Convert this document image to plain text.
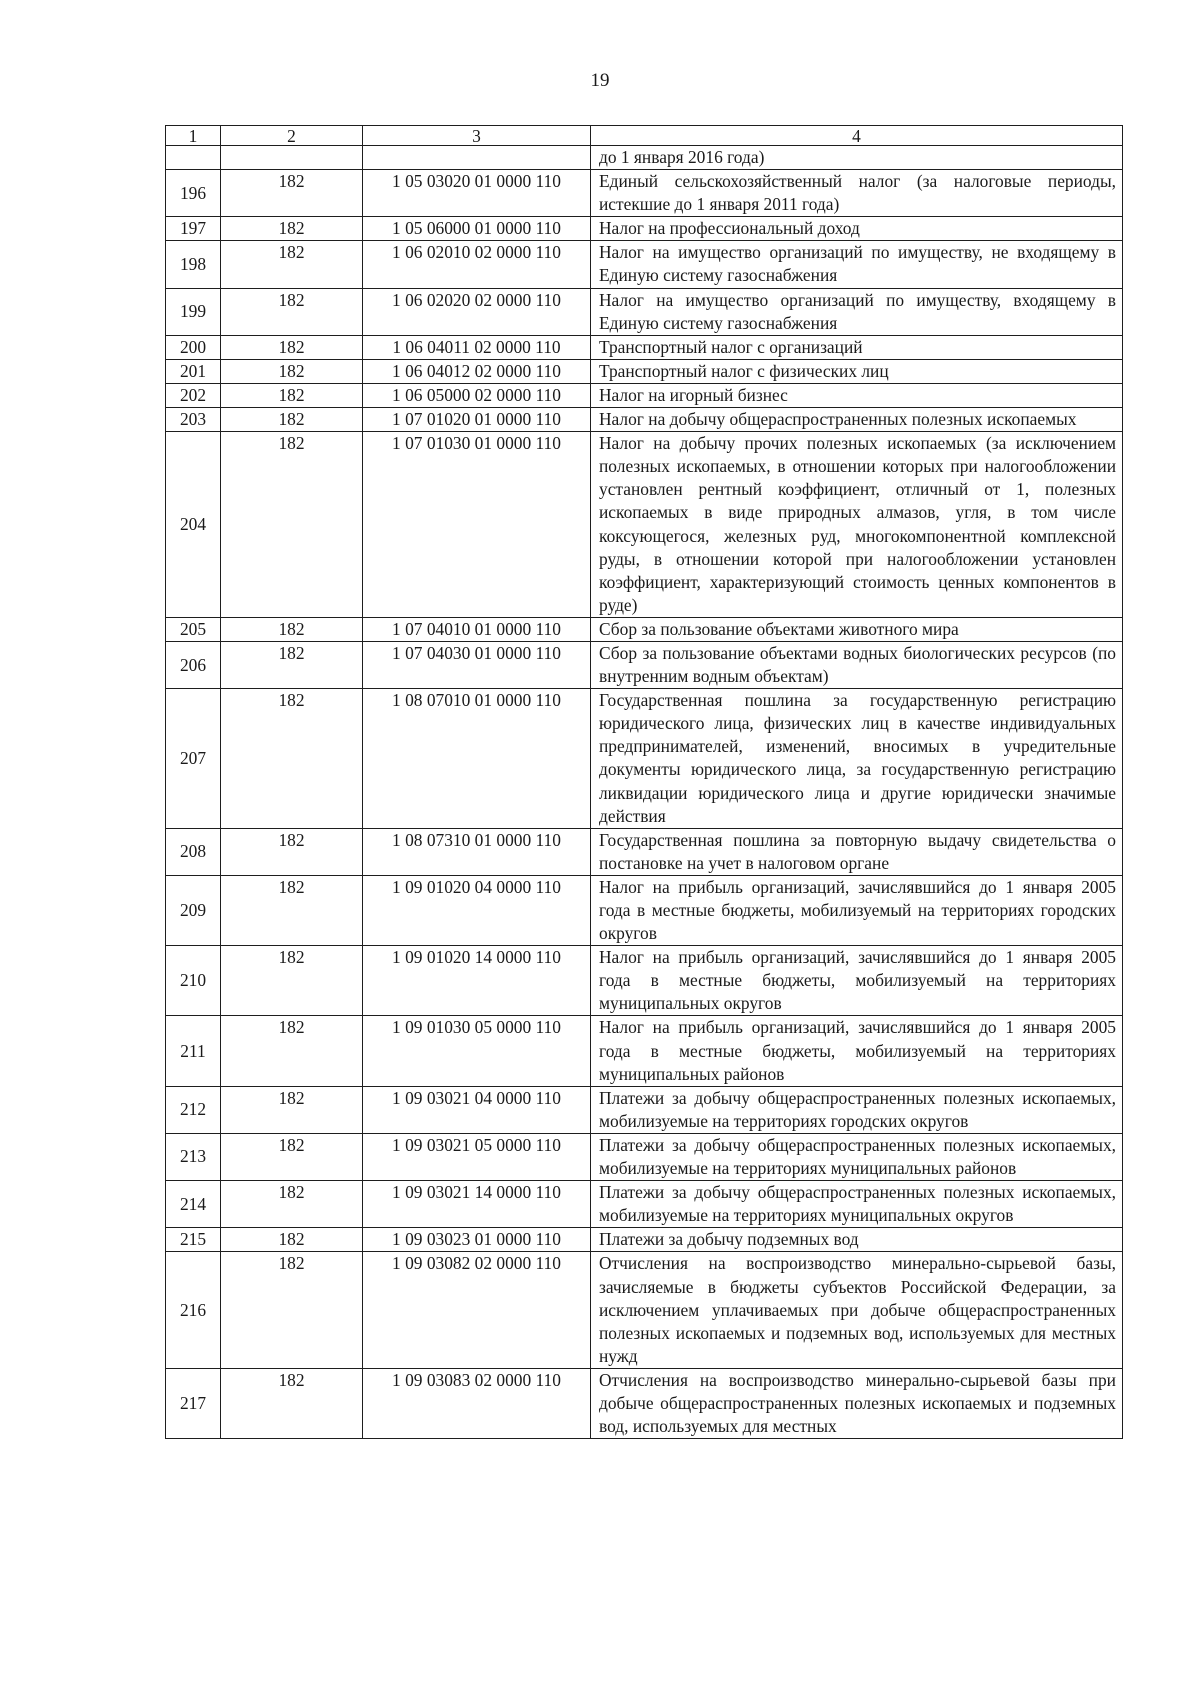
19
1	2	3	4
			до 1 января 2016 года)
196	182	1 05 03020 01 0000 110	Единый сельскохозяйственный налог (за налоговые периоды, истекшие до 1 января 2011 года)
197	182	1 05 06000 01 0000 110	Налог на профессиональный доход
198	182	1 06 02010 02 0000 110	Налог на имущество организаций по имуществу, не входящему в Единую систему газоснабжения
199	182	1 06 02020 02 0000 110	Налог на имущество организаций по имуществу, входящему в Единую систему газоснабжения
200	182	1 06 04011 02 0000 110	Транспортный налог с организаций
201	182	1 06 04012 02 0000 110	Транспортный налог с физических лиц
202	182	1 06 05000 02 0000 110	Налог на игорный бизнес
203	182	1 07 01020 01 0000 110	Налог на добычу общераспространенных полезных ископаемых
204	182	1 07 01030 01 0000 110	Налог на добычу прочих полезных ископаемых (за исключением полезных ископаемых, в отношении которых при налогообложении установлен рентный коэффициент, отличный от 1, полезных ископаемых в виде природных алмазов, угля, в том числе коксующегося, железных руд, многокомпонентной комплексной руды, в отношении которой при налогообложении установлен коэффициент, характеризующий стоимость ценных компонентов в руде)
205	182	1 07 04010 01 0000 110	Сбор за пользование объектами животного мира
206	182	1 07 04030 01 0000 110	Сбор за пользование объектами водных биологических ресурсов (по внутренним водным объектам)
207	182	1 08 07010 01 0000 110	Государственная пошлина за государственную регистрацию юридического лица, физических лиц в качестве индивидуальных предпринимателей, изменений, вносимых в учредительные документы юридического лица, за государственную регистрацию ликвидации юридического лица и другие юридически значимые действия
208	182	1 08 07310 01 0000 110	Государственная пошлина за повторную выдачу свидетельства о постановке на учет в налоговом органе
209	182	1 09 01020 04 0000 110	Налог на прибыль организаций, зачислявшийся до 1 января 2005 года в местные бюджеты, мобилизуемый на территориях городских округов
210	182	1 09 01020 14 0000 110	Налог на прибыль организаций, зачислявшийся до 1 января 2005 года в местные бюджеты, мобилизуемый на территориях муниципальных округов
211	182	1 09 01030 05 0000 110	Налог на прибыль организаций, зачислявшийся до 1 января 2005 года в местные бюджеты, мобилизуемый на территориях муниципальных районов
212	182	1 09 03021 04 0000 110	Платежи за добычу общераспространенных полезных ископаемых, мобилизуемые на территориях городских округов
213	182	1 09 03021 05 0000 110	Платежи за добычу общераспространенных полезных ископаемых, мобилизуемые на территориях муниципальных районов
214	182	1 09 03021 14 0000 110	Платежи за добычу общераспространенных полезных ископаемых, мобилизуемые на территориях муниципальных округов
215	182	1 09 03023 01 0000 110	Платежи за добычу подземных вод
216	182	1 09 03082 02 0000 110	Отчисления на воспроизводство минерально-сырьевой базы, зачисляемые в бюджеты субъектов Российской Федерации, за исключением уплачиваемых при добыче общераспространенных полезных ископаемых и подземных вод, используемых для местных нужд
217	182	1 09 03083 02 0000 110	Отчисления на воспроизводство минерально-сырьевой базы при добыче общераспространенных полезных ископаемых и подземных вод, используемых для местных
